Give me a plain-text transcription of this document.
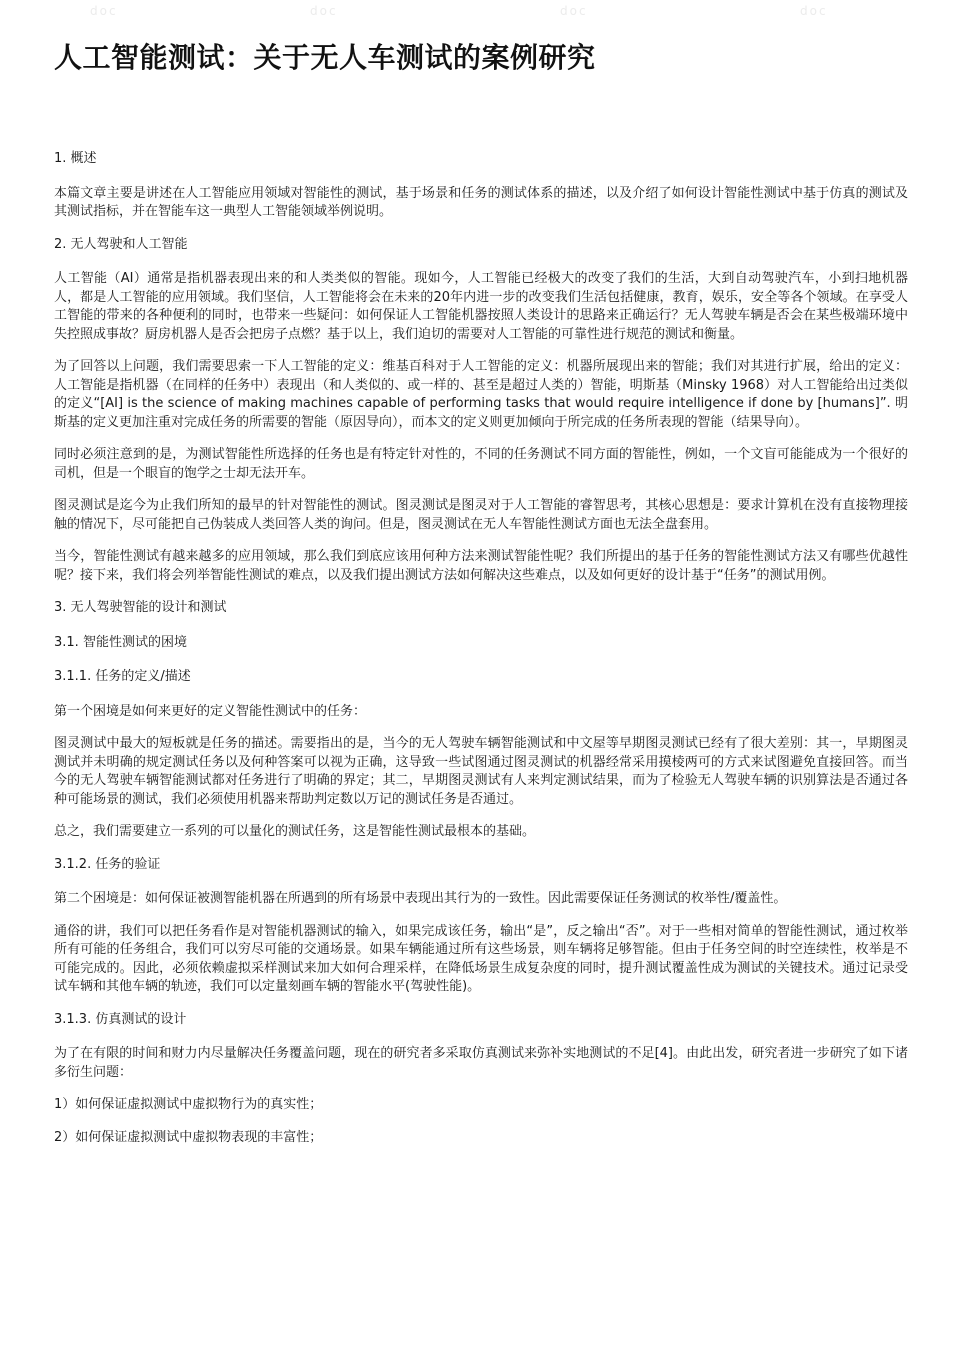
doc	doc	doc	doc
人工智能测试：关于无人车测试的案例研究

1. 概述

本篇文章主要是讲述在人工智能应用领域对智能性的测试，基于场景和任务的测试体系的描述，以及介绍了如何设计智能性测试中基于仿真的测试及其测试指标，并在智能车这一典型人工智能领域举例说明。

2. 无人驾驶和人工智能

人工智能（AI）通常是指机器表现出来的和人类类似的智能。现如今，人工智能已经极大的改变了我们的生活，大到自动驾驶汽车，小到扫地机器人，都是人工智能的应用领域。我们坚信，人工智能将会在未来的20年内进一步的改变我们生活包括健康，教育，娱乐，安全等各个领域。在享受人工智能的带来的各种便利的同时，也带来一些疑问：如何保证人工智能机器按照人类设计的思路来正确运行？无人驾驶车辆是否会在某些极端环境中失控照成事故？厨房机器人是否会把房子点燃？基于以上，我们迫切的需要对人工智能的可靠性进行规范的测试和衡量。

为了回答以上问题，我们需要思索一下人工智能的定义：维基百科对于人工智能的定义：机器所展现出来的智能；我们对其进行扩展，给出的定义：人工智能是指机器（在同样的任务中）表现出（和人类似的、或一样的、甚至是超过人类的）智能，明斯基（Minsky 1968）对人工智能给出过类似的定义“[AI] is the science of making machines capable of performing tasks that would require intelligence if done by [humans]”. 明斯基的定义更加注重对完成任务的所需要的智能（原因导向），而本文的定义则更加倾向于所完成的任务所表现的智能（结果导向）。

同时必须注意到的是，为测试智能性所选择的任务也是有特定针对性的，不同的任务测试不同方面的智能性，例如，一个文盲可能能成为一个很好的司机，但是一个眼盲的饱学之士却无法开车。

图灵测试是迄今为止我们所知的最早的针对智能性的测试。图灵测试是图灵对于人工智能的睿智思考，其核心思想是：要求计算机在没有直接物理接触的情况下，尽可能把自己伪装成人类回答人类的询问。但是，图灵测试在无人车智能性测试方面也无法全盘套用。

当今，智能性测试有越来越多的应用领域，那么我们到底应该用何种方法来测试智能性呢？我们所提出的基于任务的智能性测试方法又有哪些优越性呢？接下来，我们将会列举智能性测试的难点，以及我们提出测试方法如何解决这些难点，以及如何更好的设计基于“任务”的测试用例。

3. 无人驾驶智能的设计和测试

3.1. 智能性测试的困境

3.1.1. 任务的定义/描述

第一个困境是如何来更好的定义智能性测试中的任务：

图灵测试中最大的短板就是任务的描述。需要指出的是，当今的无人驾驶车辆智能测试和中文屋等早期图灵测试已经有了很大差别：其一，早期图灵测试并未明确的规定测试任务以及何种答案可以视为正确，这导致一些试图通过图灵测试的机器经常采用摸棱两可的方式来试图避免直接回答。而当今的无人驾驶车辆智能测试都对任务进行了明确的界定；其二，早期图灵测试有人来判定测试结果，而为了检验无人驾驶车辆的识别算法是否通过各种可能场景的测试，我们必须使用机器来帮助判定数以万记的测试任务是否通过。

总之，我们需要建立一系列的可以量化的测试任务，这是智能性测试最根本的基础。

3.1.2. 任务的验证

第二个困境是：如何保证被测智能机器在所遇到的所有场景中表现出其行为的一致性。因此需要保证任务测试的枚举性/覆盖性。

通俗的讲，我们可以把任务看作是对智能机器测试的输入，如果完成该任务，输出“是”，反之输出“否”。对于一些相对简单的智能性测试，通过枚举所有可能的任务组合，我们可以穷尽可能的交通场景。如果车辆能通过所有这些场景，则车辆将足够智能。但由于任务空间的时空连续性，枚举是不可能完成的。因此，必须依赖虚拟采样测试来加大如何合理采样，在降低场景生成复杂度的同时，提升测试覆盖性成为测试的关键技术。通过记录受试车辆和其他车辆的轨迹，我们可以定量刻画车辆的智能水平(驾驶性能)。

3.1.3. 仿真测试的设计

为了在有限的时间和财力内尽量解决任务覆盖问题，现在的研究者多采取仿真测试来弥补实地测试的不足[4]。由此出发，研究者进一步研究了如下诸多衍生问题：

1）如何保证虚拟测试中虚拟物行为的真实性；

2）如何保证虚拟测试中虚拟物表现的丰富性；
